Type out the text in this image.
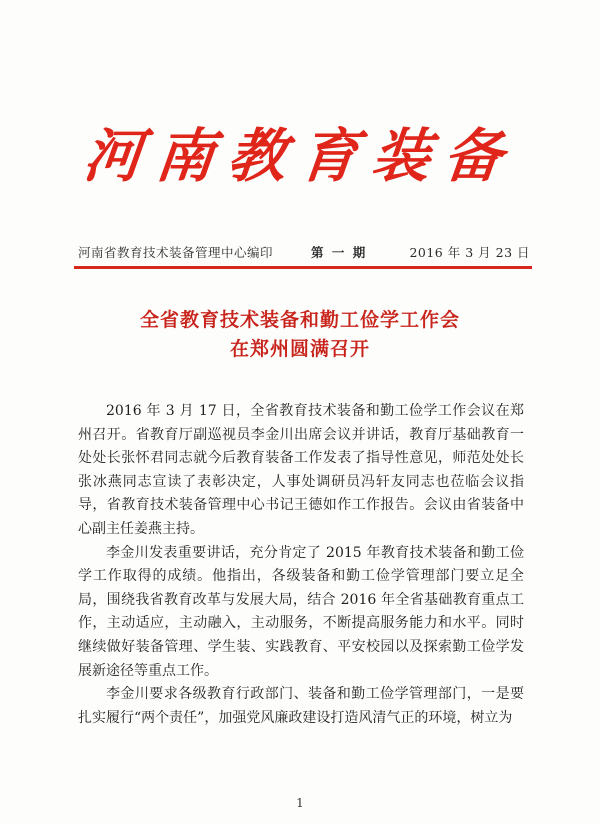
河南教育装备
河南省教育技术装备管理中心编印	第 一 期	2016 年 3 月 23 日
全省教育技术装备和勤工俭学工作会
在郑州圆满召开

2016 年 3 月 17 日，全省教育技术装备和勤工俭学工作会议在郑州召开。省教育厅副巡视员李金川出席会议并讲话，教育厅基础教育一处处长张怀君同志就今后教育装备工作发表了指导性意见，师范处处长张冰燕同志宣读了表彰决定，人事处调研员冯轩友同志也莅临会议指导，省教育技术装备管理中心书记王德如作工作报告。会议由省装备中心副主任姜燕主持。

李金川发表重要讲话，充分肯定了 2015 年教育技术装备和勤工俭学工作取得的成绩。他指出，各级装备和勤工俭学管理部门要立足全局，围绕我省教育改革与发展大局，结合 2016 年全省基础教育重点工作，主动适应，主动融入，主动服务，不断提高服务能力和水平。同时继续做好装备管理、学生装、实践教育、平安校园以及探索勤工俭学发展新途径等重点工作。

李金川要求各级教育行政部门、装备和勤工俭学管理部门，一是要扎实履行“两个责任”，加强党风廉政建设打造风清气正的环境，树立为

1
